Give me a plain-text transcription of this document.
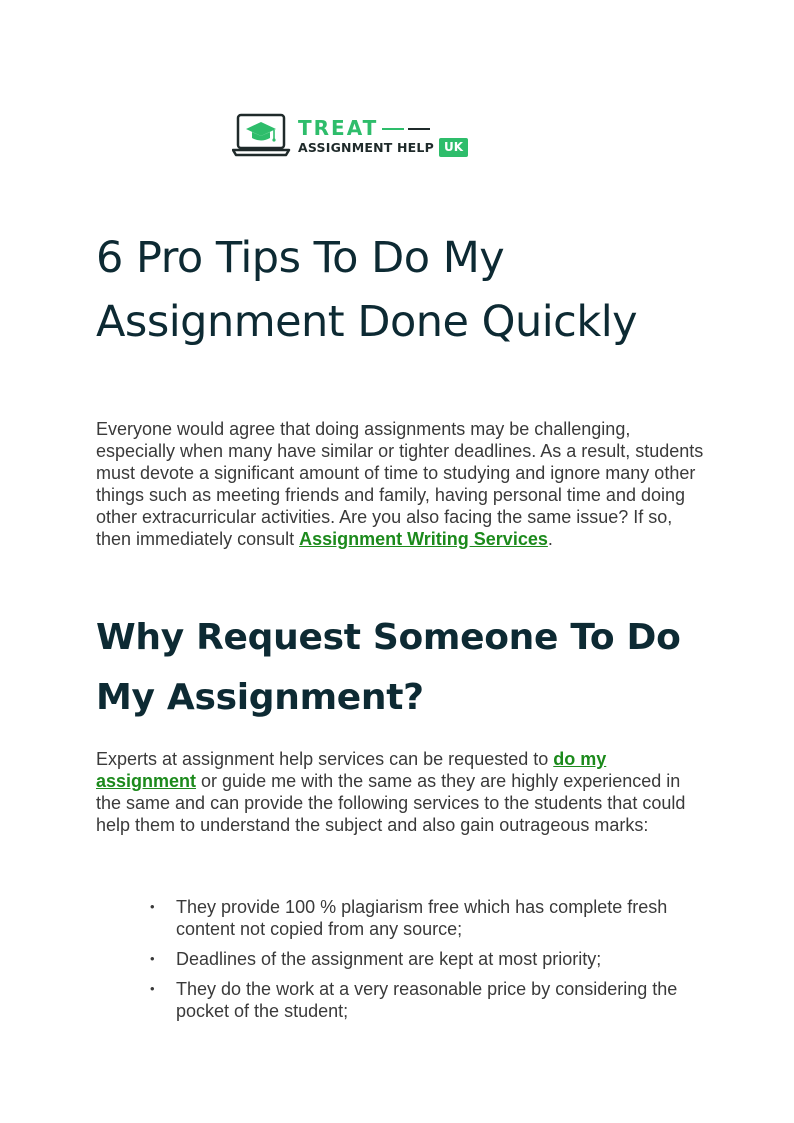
TREAT
ASSIGNMENT HELP UK
6 Pro Tips To Do My Assignment Done Quickly

Everyone would agree that doing assignments may be challenging, especially when many have similar or tighter deadlines. As a result, students must devote a significant amount of time to studying and ignore many other things such as meeting friends and family, having personal time and doing other extracurricular activities. Are you also facing the same issue? If so, then immediately consult Assignment Writing Services.

Why Request Someone To Do My Assignment?

Experts at assignment help services can be requested to do my assignment or guide me with the same as they are highly experienced in the same and can provide the following services to the students that could help them to understand the subject and also gain outrageous marks:

• They provide 100 % plagiarism free which has complete fresh content not copied from any source;
• Deadlines of the assignment are kept at most priority;
• They do the work at a very reasonable price by considering the pocket of the student;
